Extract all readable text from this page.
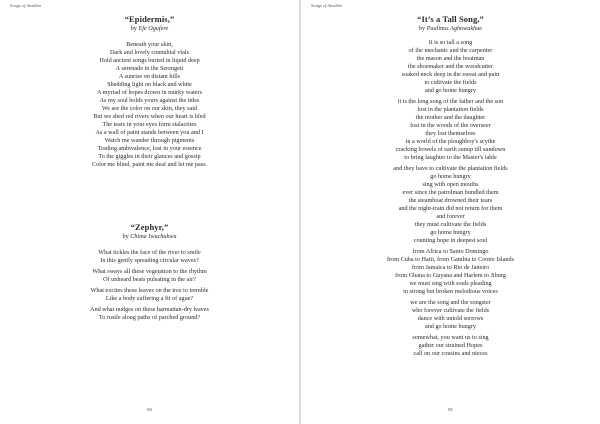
Songs of Ansikha
“Epidermis,”
by Efe Ogufere
Beneath your skin,
Dark and lovely connubial vials
Hold ancient songs buried in liquid deep
A serenade in the Serengeti
A sunrise on distant hills
Shedding light on black and white
A myriad of hopes drown in murky waters
As my soul holds yours against the tides
We are the color on our skin, they said
But we shed red rivers when our heart is bled
The tears in your eyes form stalactites
As a wall of paint stands between you and I
Watch me wander through pigments
Trading ambivalence, lost in your essence
To the giggles in their glances and gossip
Color me blind, paint me deaf and let me pass.
“Zephyr,”
by Chima Iwuchukwu
What tickles the face of the river to smile
In this gently spreading circular waves?
What sways all these vegetation to the rhythm
Of unheard beats pulsating in the air?
What excites these leaves on the tree to tremble
Like a body suffering a fit of ague?
And what nudges on these harmattan-dry leaves
To rustle along paths of parched ground?
84
Songs of Ansikha
“It’s a Tall Song,”
by Paulinus Aghowakhue
It is so tall a song
of the mechanic and the carpenter
the mason and the boatman
the shoemaker and the woodcutter
soaked neck deep in the sweat and pain
to cultivate the fields
and go home hungry
it is the long song of the father and the son
lost in the plantation fields
the mother and the daughter
lost in the woods of the overseer
they lost themselves
in a world of the ploughboy's scythe
cracking bowels of earth sunup till sundown
to bring laughter to the Master's table
and they have to cultivate the plantation fields
go home hungry
sing with open mouths
ever since the patrolman bundled them
the steamboat drowned their tears
and the night-train did not return for them
and forever
they must cultivate the fields
go home hungry
counting hope in deepest soul
from Africa to Santo Domingo
from Cuba to Haiti, from Gambia to Cootre Islands
from Jamaica to Rio de Janeiro
from Ghana to Guyana and Harlem to Jiburg
we must sing with souls pleading
in strong but broken melodious voices
we are the song and the songster
who forever cultivate the fields
dance with untold sorrows
and go home hungry
somewhat, you want us to sing
gather our strained Hopes
call on our cousins and nieces
85
